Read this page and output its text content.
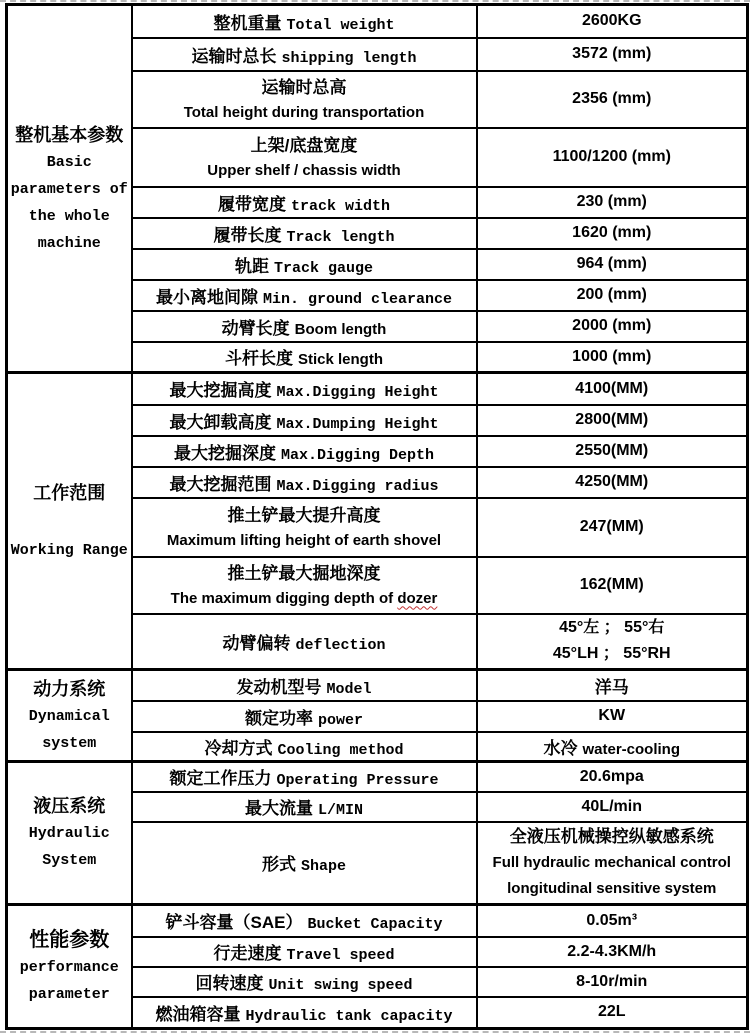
整机基本参数
Basic
parameters of
the whole
machine	整机重量 Total weight	2600KG
	运输时总长 shipping length	3572 (mm)

	运输时总高
Total height during transportation	2356 (mm)

	上架/底盘宽度
Upper shelf / chassis width	1100/1200 (mm)
	履带宽度 track width	230 (mm)
	履带长度 Track length	1620 (mm)
	轨距 Track gauge	964 (mm)
	最小离地间隙 Min. ground clearance	200 (mm)
	动臂长度 Boom length	2000 (mm)
	斗杆长度 Stick length	1000 (mm)

工作范围
Working Range	最大挖掘高度 Max.Digging Height	4100(MM)
	最大卸载高度 Max.Dumping Height	2800(MM)
	最大挖掘深度 Max.Digging Depth	2550(MM)
	最大挖掘范围 Max.Digging radius	4250(MM)

	推土铲最大提升高度
Maximum lifting height of earth shovel	247(MM)

	推土铲最大掘地深度
The maximum digging depth of dozer	162(MM)
	动臂偏转 deflection	45°左 ； 55°右
45°LH ； 55°RH

动力系统
Dynamical
system	发动机型号 Model	洋马
	额定功率 power	KW
	冷却方式 Cooling method	水冷 water-cooling

液压系统
Hydraulic
System	额定工作压力 Operating Pressure	20.6mpa
	最大流量 L/MIN	40L/min
	形式 Shape	全液压机械操控纵敏感系统
Full hydraulic mechanical control
longitudinal sensitive system

性能参数
performance
parameter	铲斗容量（SAE） Bucket Capacity	0.05m³
	行走速度 Travel speed	2.2-4.3KM/h
	回转速度 Unit swing speed	8-10r/min
	燃油箱容量 Hydraulic tank capacity	22L
